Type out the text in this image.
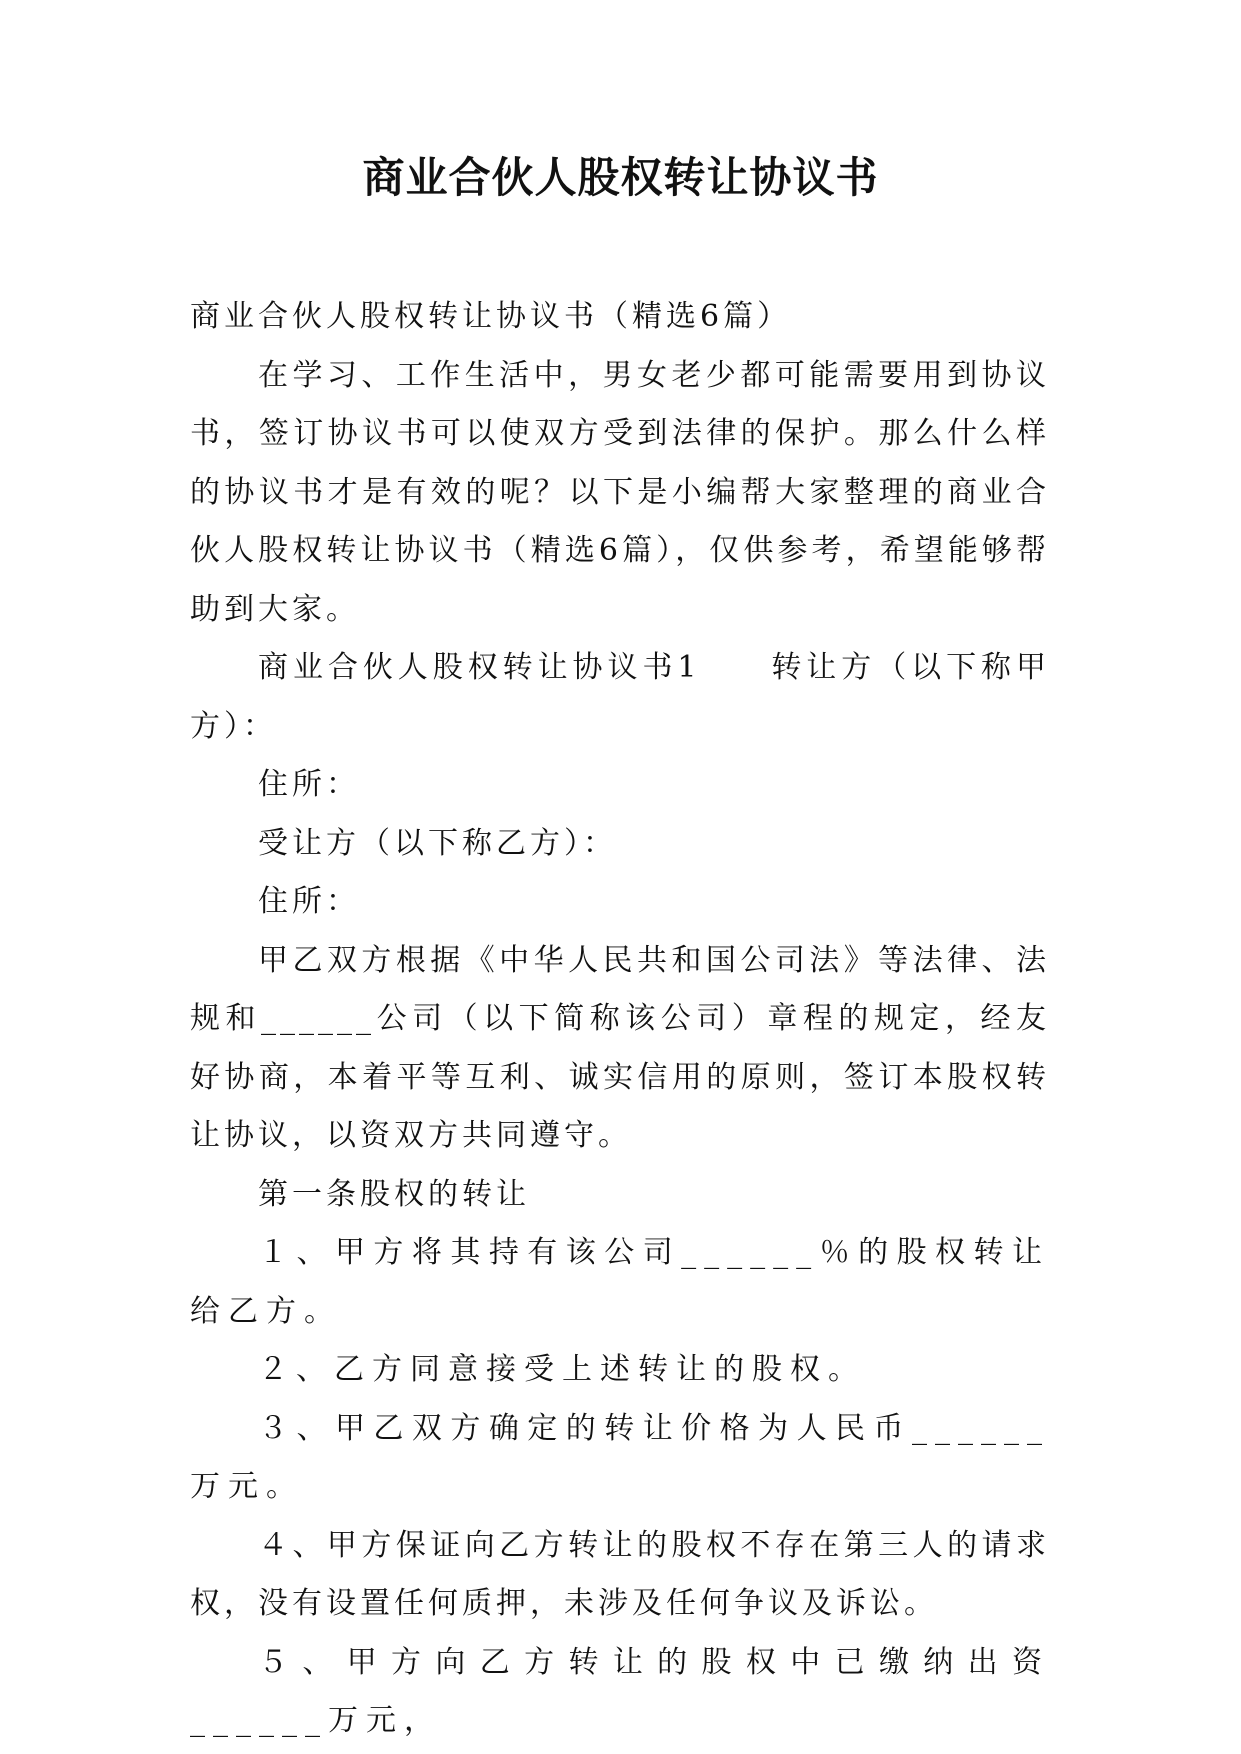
商业合伙人股权转让协议书

商业合伙人股权转让协议书（精选6篇）

在学习、工作生活中，男女老少都可能需要用到协议书，签订协议书可以使双方受到法律的保护。那么什么样的协议书才是有效的呢？以下是小编帮大家整理的商业合伙人股权转让协议书（精选6篇），仅供参考，希望能够帮助到大家。

商业合伙人股权转让协议书1　　转让方（以下称甲方）：

住所：

受让方（以下称乙方）：

住所：

甲乙双方根据《中华人民共和国公司法》等法律、法规和______公司（以下简称该公司）章程的规定，经友好协商，本着平等互利、诚实信用的原则，签订本股权转让协议，以资双方共同遵守。

第一条股权的转让

１、甲方将其持有该公司______％的股权转让给乙方。

２、乙方同意接受上述转让的股权。

３、甲乙双方确定的转让价格为人民币______万元。

４、甲方保证向乙方转让的股权不存在第三人的请求权，没有设置任何质押，未涉及任何争议及诉讼。

５、甲方向乙方转让的股权中已缴纳出资______万元，
